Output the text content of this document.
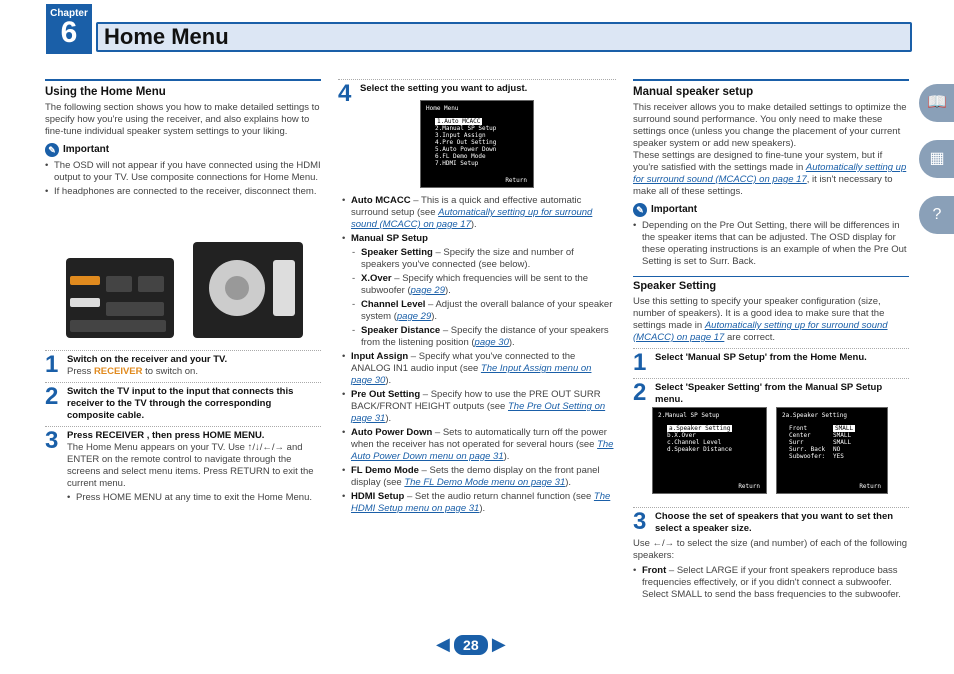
Chapter
6	Home Menu
Using the Home Menu

The following section shows you how to make detailed settings to specify how you're using the receiver, and also explains how to fine-tune individual speaker system settings to your liking.

✎ Important
• The OSD will not appear if you have connected using the HDMI output to your TV. Use composite connections for Home Menu.
• If headphones are connected to the receiver, disconnect them.
1 Switch on the receiver and your TV.
Press RECEIVER to switch on.
2 Switch the TV input to the input that connects this receiver to the TV through the corresponding composite cable.
3 Press RECEIVER , then press HOME MENU.
The Home Menu appears on your TV. Use ↑/↓/←/→ and ENTER on the remote control to navigate through the screens and select menu items. Press RETURN to exit the current menu.
• Press HOME MENU at any time to exit the Home Menu.
4 Select the setting you want to adjust.
Home Menu
1.Auto MCACC
2.Manual SP Setup
3.Input Assign
4.Pre Out Setting
5.Auto Power Down
6.FL Demo Mode
7.HDMI Setup
Return
• Auto MCACC – This is a quick and effective automatic surround setup (see Automatically setting up for surround sound (MCACC) on page 17).
• Manual SP Setup
- Speaker Setting – Specify the size and number of speakers you've connected (see below).
- X.Over – Specify which frequencies will be sent to the subwoofer (page 29).
- Channel Level – Adjust the overall balance of your speaker system (page 29).
- Speaker Distance – Specify the distance of your speakers from the listening position (page 30).
• Input Assign – Specify what you've connected to the ANALOG IN1 audio input (see The Input Assign menu on page 30).
• Pre Out Setting – Specify how to use the PRE OUT SURR BACK/FRONT HEIGHT outputs (see The Pre Out Setting on page 31).
• Auto Power Down – Sets to automatically turn off the power when the receiver has not operated for several hours (see The Auto Power Down menu on page 31).
• FL Demo Mode – Sets the demo display on the front panel display (see The FL Demo Mode menu on page 31).
• HDMI Setup – Set the audio return channel function (see The HDMI Setup menu on page 31).
Manual speaker setup

This receiver allows you to make detailed settings to optimize the surround sound performance. You only need to make these settings once (unless you change the placement of your current speaker system or add new speakers).

These settings are designed to fine-tune your system, but if you're satisfied with the settings made in Automatically setting up for surround sound (MCACC) on page 17, it isn't necessary to make all of these settings.

✎ Important
• Depending on the Pre Out Setting, there will be differences in the speaker items that can be adjusted. The OSD display for these operating instructions is an example of when the Pre Out Setting is set to Surr. Back.
Speaker Setting

Use this setting to specify your speaker configuration (size, number of speakers). It is a good idea to make sure that the settings made in Automatically setting up for surround sound (MCACC) on page 17 are correct.

1 Select 'Manual SP Setup' from the Home Menu.
2 Select 'Speaker Setting' from the Manual SP Setup menu.
2.Manual SP Setup
a.Speaker Setting
b.X.Over
c.Channel Level
d.Speaker Distance
Return
2a.Speaker Setting
Front	SMALL
Center	SMALL
Surr	SMALL
Surr. Back	NO
Subwoofer:	YES
Return
3 Choose the set of speakers that you want to set then select a speaker size.

Use ←/→ to select the size (and number) of each of the following speakers:

• Front – Select LARGE if your front speakers reproduce bass frequencies effectively, or if you didn't connect a subwoofer. Select SMALL to send the bass frequencies to the subwoofer.
📖
▦
?
◀ 28 ▶
